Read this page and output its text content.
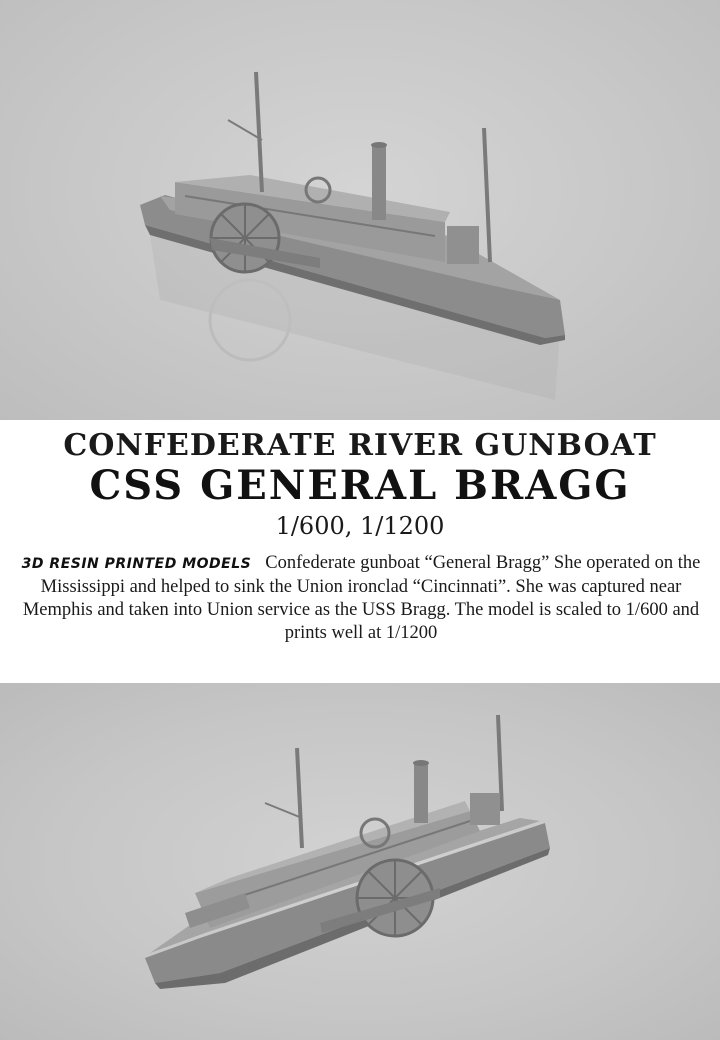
CONFEDERATE RIVER GUNBOAT
CSS GENERAL BRAGG
1/600, 1/1200
3D RESIN PRINTED MODELS Confederate gunboat “General Bragg” She operated on the Mississippi and helped to sink the Union ironclad “Cincinnati”. She was captured near Memphis and taken into Union service as the USS Bragg. The model is scaled to 1/600 and prints well at 1/1200
